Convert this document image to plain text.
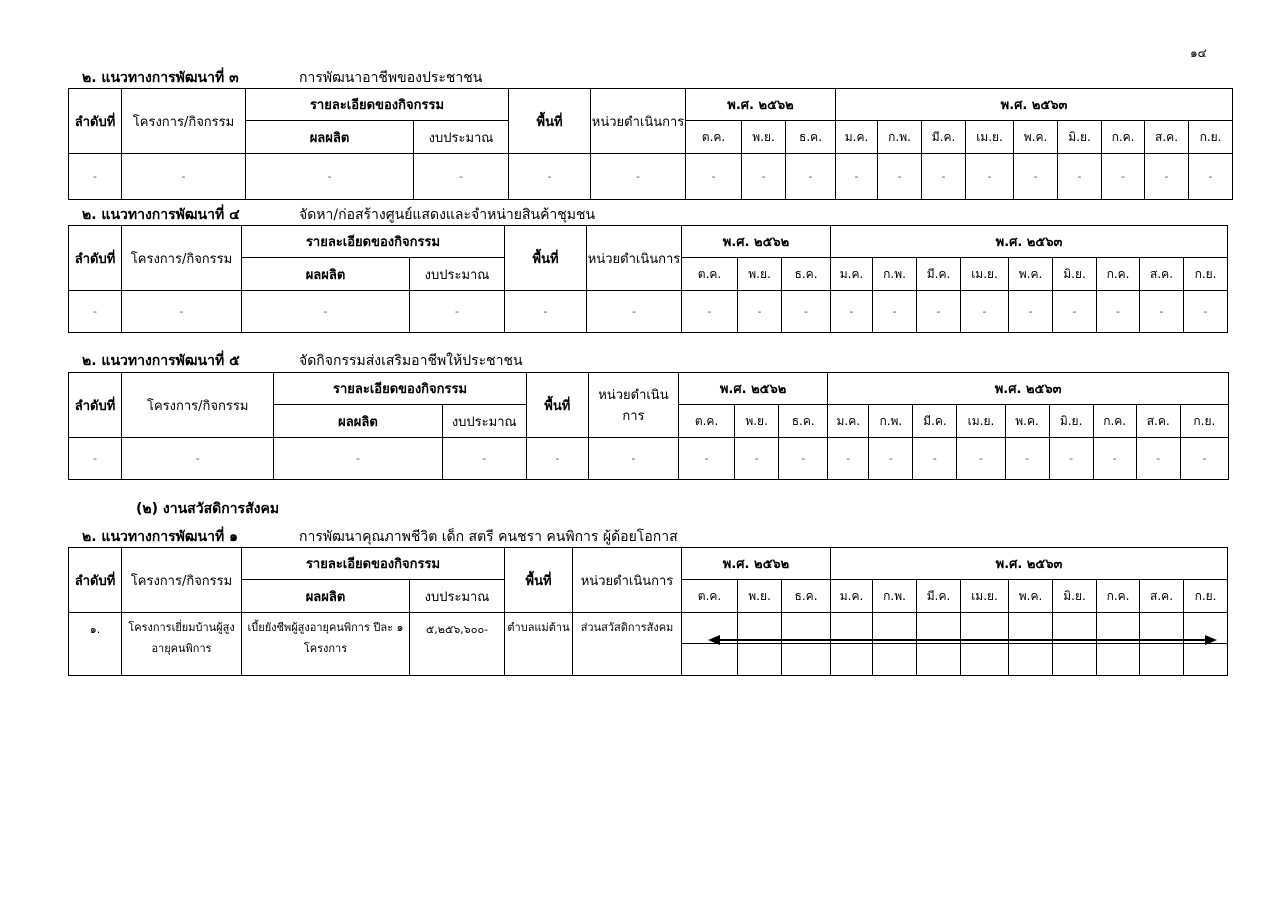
๑๔
๒. แนวทางการพัฒนาที่ ๓	การพัฒนาอาชีพของประชาชน
๒. แนวทางการพัฒนาที่ ๔	จัดหา/ก่อสร้างศูนย์แสดงและจำหน่ายสินค้าชุมชน
๒. แนวทางการพัฒนาที่ ๕	จัดกิจกรรมส่งเสริมอาชีพให้ประชาชน
(๒) งานสวัสดิการสังคม
๒. แนวทางการพัฒนาที่ ๑	การพัฒนาคุณภาพชีวิต เด็ก สตรี คนชรา คนพิการ ผู้ด้อยโอกาส
ลำดับที่	โครงการ/กิจกรรม	รายละเอียดของกิจกรรม		พื้นที่	หน่วยดำเนินการ	พ.ศ. ๒๕๖๒			พ.ศ. ๒๕๖๓								
		ผลผลิต	งบประมาณ			ต.ค.	พ.ย.	ธ.ค.	ม.ค.	ก.พ.	มี.ค.	เม.ย.	พ.ค.	มิ.ย.	ก.ค.	ส.ค.	ก.ย.
-	-	-	-	-	-	-	-	-	-	-	-	-	-	-	-	-	-
ลำดับที่	โครงการ/กิจกรรม	รายละเอียดของกิจกรรม		พื้นที่	หน่วยดำเนินการ	พ.ศ. ๒๕๖๒			พ.ศ. ๒๕๖๓								
		ผลผลิต	งบประมาณ			ต.ค.	พ.ย.	ธ.ค.	ม.ค.	ก.พ.	มี.ค.	เม.ย.	พ.ค.	มิ.ย.	ก.ค.	ส.ค.	ก.ย.
-	-	-	-	-	-	-	-	-	-	-	-	-	-	-	-	-	-
ลำดับที่	โครงการ/กิจกรรม	รายละเอียดของกิจกรรม		พื้นที่	หน่วยดำเนินการ	พ.ศ. ๒๕๖๒			พ.ศ. ๒๕๖๓								
		ผลผลิต	งบประมาณ			ต.ค.	พ.ย.	ธ.ค.	ม.ค.	ก.พ.	มี.ค.	เม.ย.	พ.ค.	มิ.ย.	ก.ค.	ส.ค.	ก.ย.
-	-	-	-	-	-	-	-	-	-	-	-	-	-	-	-	-	-
ลำดับที่	โครงการ/กิจกรรม	รายละเอียดของกิจกรรม		พื้นที่	หน่วยดำเนินการ	พ.ศ. ๒๕๖๒			พ.ศ. ๒๕๖๓								
		ผลผลิต	งบประมาณ			ต.ค.	พ.ย.	ธ.ค.	ม.ค.	ก.พ.	มี.ค.	เม.ย.	พ.ค.	มิ.ย.	ก.ค.	ส.ค.	ก.ย.
๑.	โครงการเยี่ยมบ้านผู้สูงอายุคนพิการ	เบี้ยยังชีพผู้สูงอายุคนพิการ ปีละ ๑ โครงการ	๕,๒๕๖,๖๐๐-	ตำบลแม่ต้าน	ส่วนสวัสดิการสังคม												
